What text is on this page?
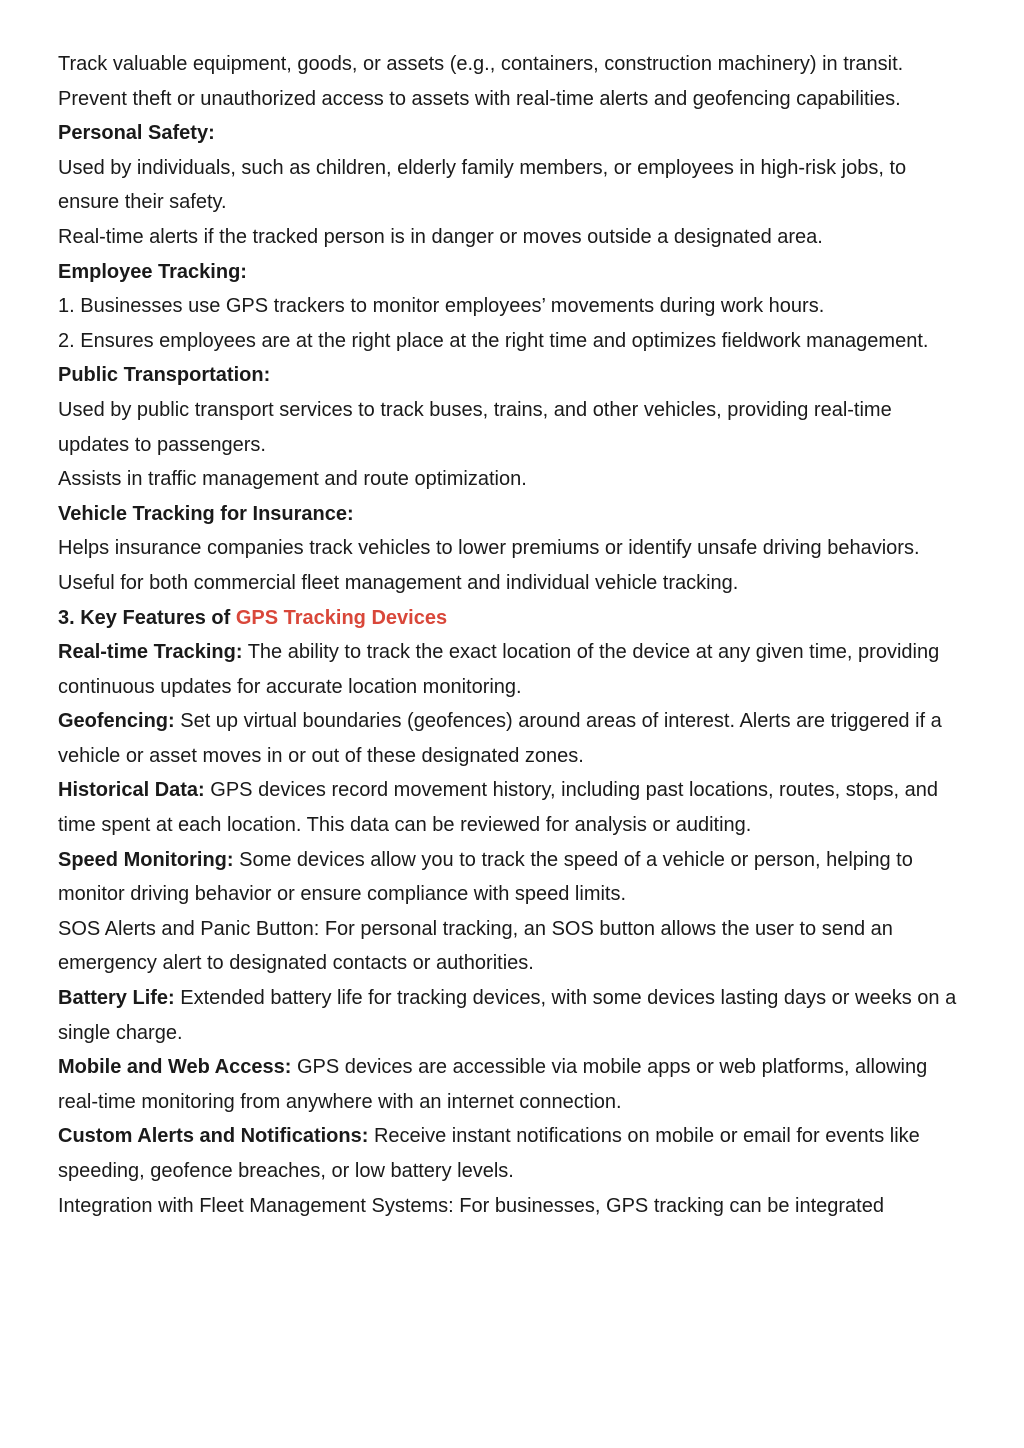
Track valuable equipment, goods, or assets (e.g., containers, construction machinery) in transit.

Prevent theft or unauthorized access to assets with real-time alerts and geofencing capabilities.

Personal Safety:

Used by individuals, such as children, elderly family members, or employees in high-risk jobs, to ensure their safety.

Real-time alerts if the tracked person is in danger or moves outside a designated area.

Employee Tracking:

1. Businesses use GPS trackers to monitor employees’ movements during work hours.

2. Ensures employees are at the right place at the right time and optimizes fieldwork management.

Public Transportation:

Used by public transport services to track buses, trains, and other vehicles, providing real-time updates to passengers.

Assists in traffic management and route optimization.

Vehicle Tracking for Insurance:

Helps insurance companies track vehicles to lower premiums or identify unsafe driving behaviors.

Useful for both commercial fleet management and individual vehicle tracking.

3. Key Features of GPS Tracking Devices

Real-time Tracking: The ability to track the exact location of the device at any given time, providing continuous updates for accurate location monitoring.

Geofencing: Set up virtual boundaries (geofences) around areas of interest. Alerts are triggered if a vehicle or asset moves in or out of these designated zones.

Historical Data: GPS devices record movement history, including past locations, routes, stops, and time spent at each location. This data can be reviewed for analysis or auditing.

Speed Monitoring: Some devices allow you to track the speed of a vehicle or person, helping to monitor driving behavior or ensure compliance with speed limits.

SOS Alerts and Panic Button: For personal tracking, an SOS button allows the user to send an emergency alert to designated contacts or authorities.

Battery Life: Extended battery life for tracking devices, with some devices lasting days or weeks on a single charge.

Mobile and Web Access: GPS devices are accessible via mobile apps or web platforms, allowing real-time monitoring from anywhere with an internet connection.

Custom Alerts and Notifications: Receive instant notifications on mobile or email for events like speeding, geofence breaches, or low battery levels.

Integration with Fleet Management Systems: For businesses, GPS tracking can be integrated
